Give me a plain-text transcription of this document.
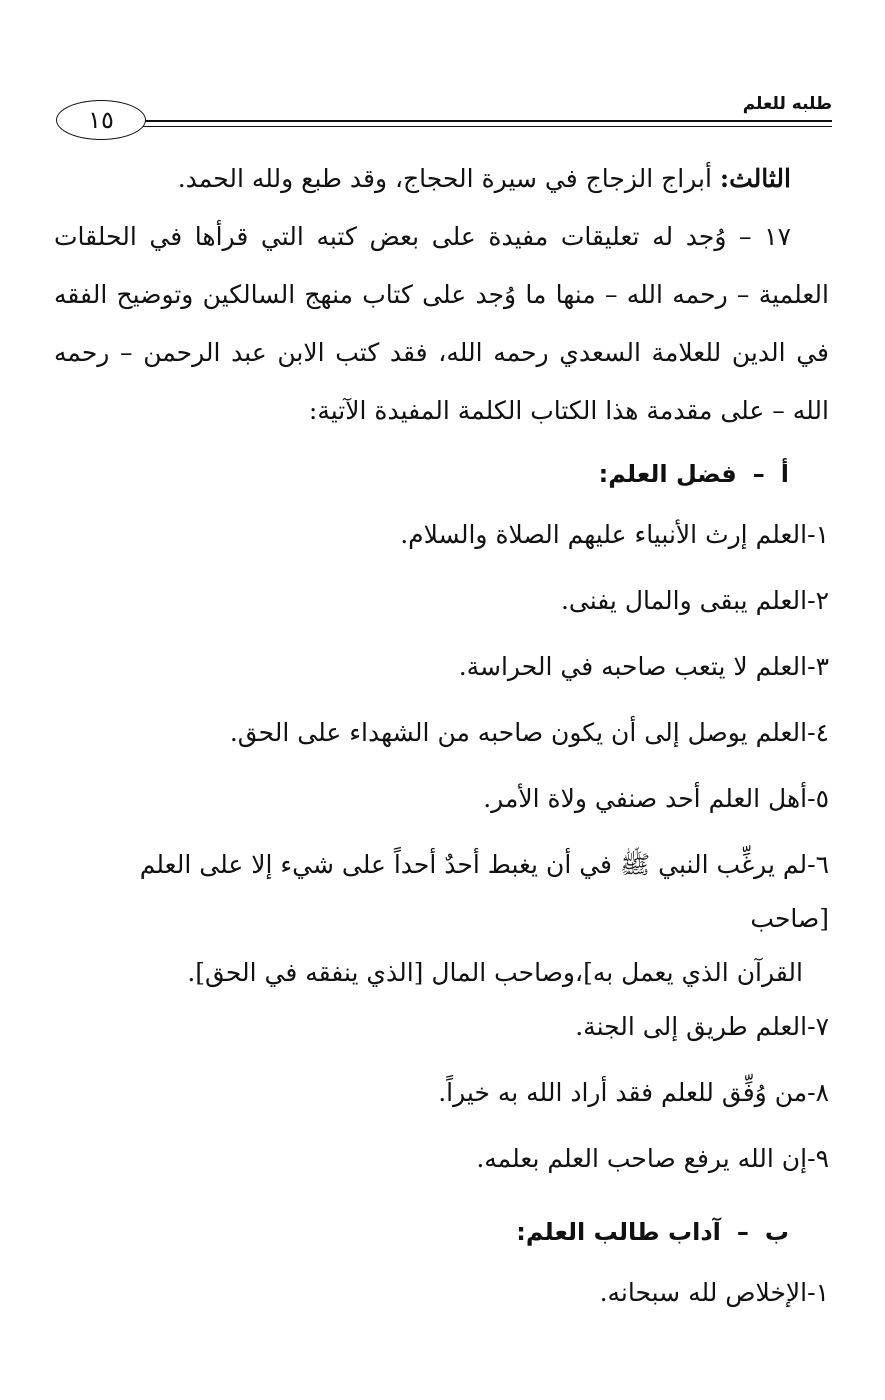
طلبه للعلم
١٥

الثالث: أبراج الزجاج في سيرة الحجاج، وقد طبع ولله الحمد.

١٧ – وُجد له تعليقات مفيدة على بعض كتبه التي قرأها في الحلقات العلمية – رحمه الله – منها ما وُجد على كتاب منهج السالكين وتوضيح الفقه في الدين للعلامة السعدي رحمه الله، فقد كتب الابن عبد الرحمن – رحمه الله – على مقدمة هذا الكتاب الكلمة المفيدة الآتية:

أ–فضل العلم:
١-العلم إرث الأنبياء عليهم الصلاة والسلام.
٢-العلم يبقى والمال يفنى.
٣-العلم لا يتعب صاحبه في الحراسة.
٤-العلم يوصل إلى أن يكون صاحبه من الشهداء على الحق.
٥-أهل العلم أحد صنفي ولاة الأمر.
٦-لم يرغِّب النبي ﷺ في أن يغبط أحدٌ أحداً على شيء إلا على العلم [صاحب
القرآن الذي يعمل به]،وصاحب المال [الذي ينفقه في الحق].
٧-العلم طريق إلى الجنة.
٨-من وُفِّق للعلم فقد أراد الله به خيراً.
٩-إن الله يرفع صاحب العلم بعلمه.
ب–آداب طالب العلم:
١-الإخلاص لله سبحانه.
